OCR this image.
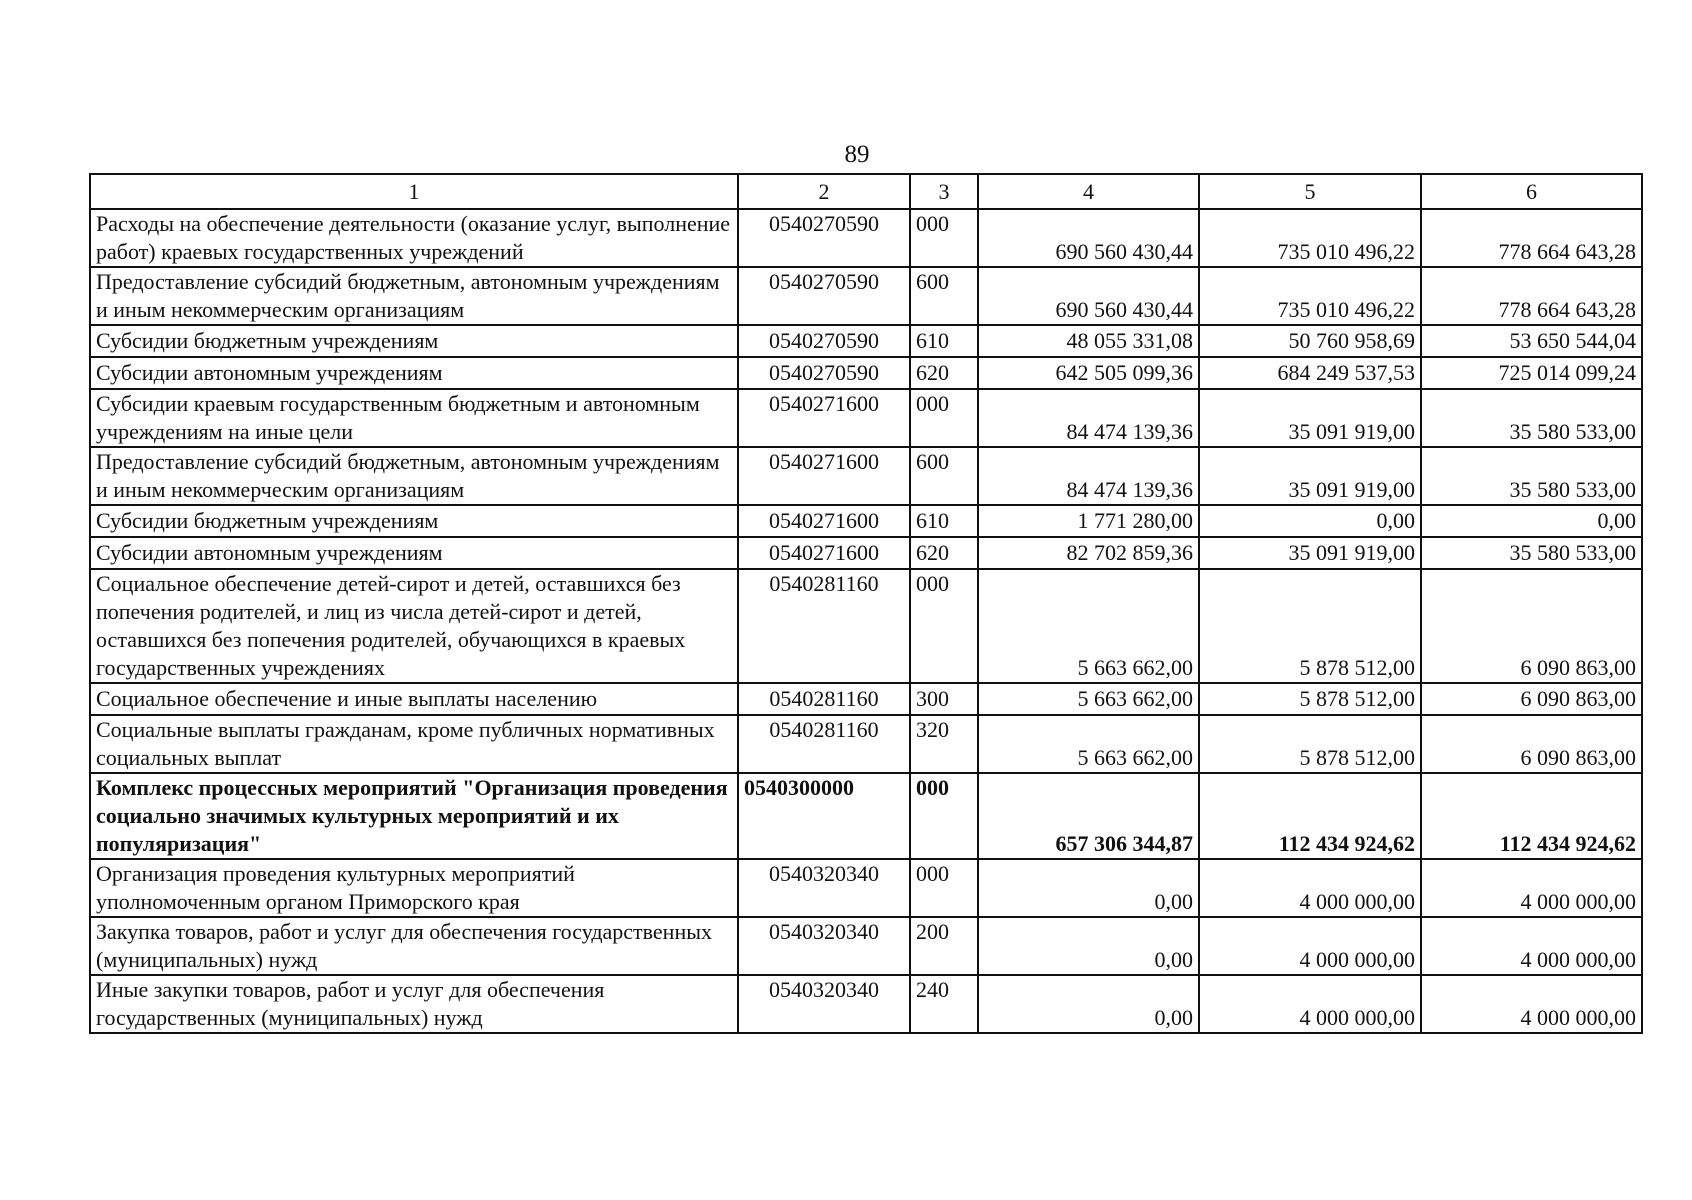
89
1	2	3	4	5	6
Расходы на обеспечение деятельности (оказание услуг, выполнение работ) краевых государственных учреждений	0540270590	000	690 560 430,44	735 010 496,22	778 664 643,28
Предоставление субсидий бюджетным, автономным учреждениям и иным некоммерческим организациям	0540270590	600	690 560 430,44	735 010 496,22	778 664 643,28
Субсидии бюджетным учреждениям	0540270590	610	48 055 331,08	50 760 958,69	53 650 544,04
Субсидии автономным учреждениям	0540270590	620	642 505 099,36	684 249 537,53	725 014 099,24
Субсидии краевым государственным бюджетным и автономным учреждениям на иные цели	0540271600	000	84 474 139,36	35 091 919,00	35 580 533,00
Предоставление субсидий бюджетным, автономным учреждениям и иным некоммерческим организациям	0540271600	600	84 474 139,36	35 091 919,00	35 580 533,00
Субсидии бюджетным учреждениям	0540271600	610	1 771 280,00	0,00	0,00
Субсидии автономным учреждениям	0540271600	620	82 702 859,36	35 091 919,00	35 580 533,00
Социальное обеспечение детей-сирот и детей, оставшихся без попечения родителей, и лиц из числа детей-сирот и детей, оставшихся без попечения родителей, обучающихся в краевых государственных учреждениях	0540281160	000	5 663 662,00	5 878 512,00	6 090 863,00
Социальное обеспечение и иные выплаты населению	0540281160	300	5 663 662,00	5 878 512,00	6 090 863,00
Социальные выплаты гражданам, кроме публичных нормативных социальных выплат	0540281160	320	5 663 662,00	5 878 512,00	6 090 863,00
Комплекс процессных мероприятий "Организация проведения социально значимых культурных мероприятий и их популяризация"	0540300000	000	657 306 344,87	112 434 924,62	112 434 924,62
Организация проведения культурных мероприятий уполномоченным органом Приморского края	0540320340	000	0,00	4 000 000,00	4 000 000,00
Закупка товаров, работ и услуг для обеспечения государственных (муниципальных) нужд	0540320340	200	0,00	4 000 000,00	4 000 000,00
Иные закупки товаров, работ и услуг для обеспечения государственных (муниципальных) нужд	0540320340	240	0,00	4 000 000,00	4 000 000,00
